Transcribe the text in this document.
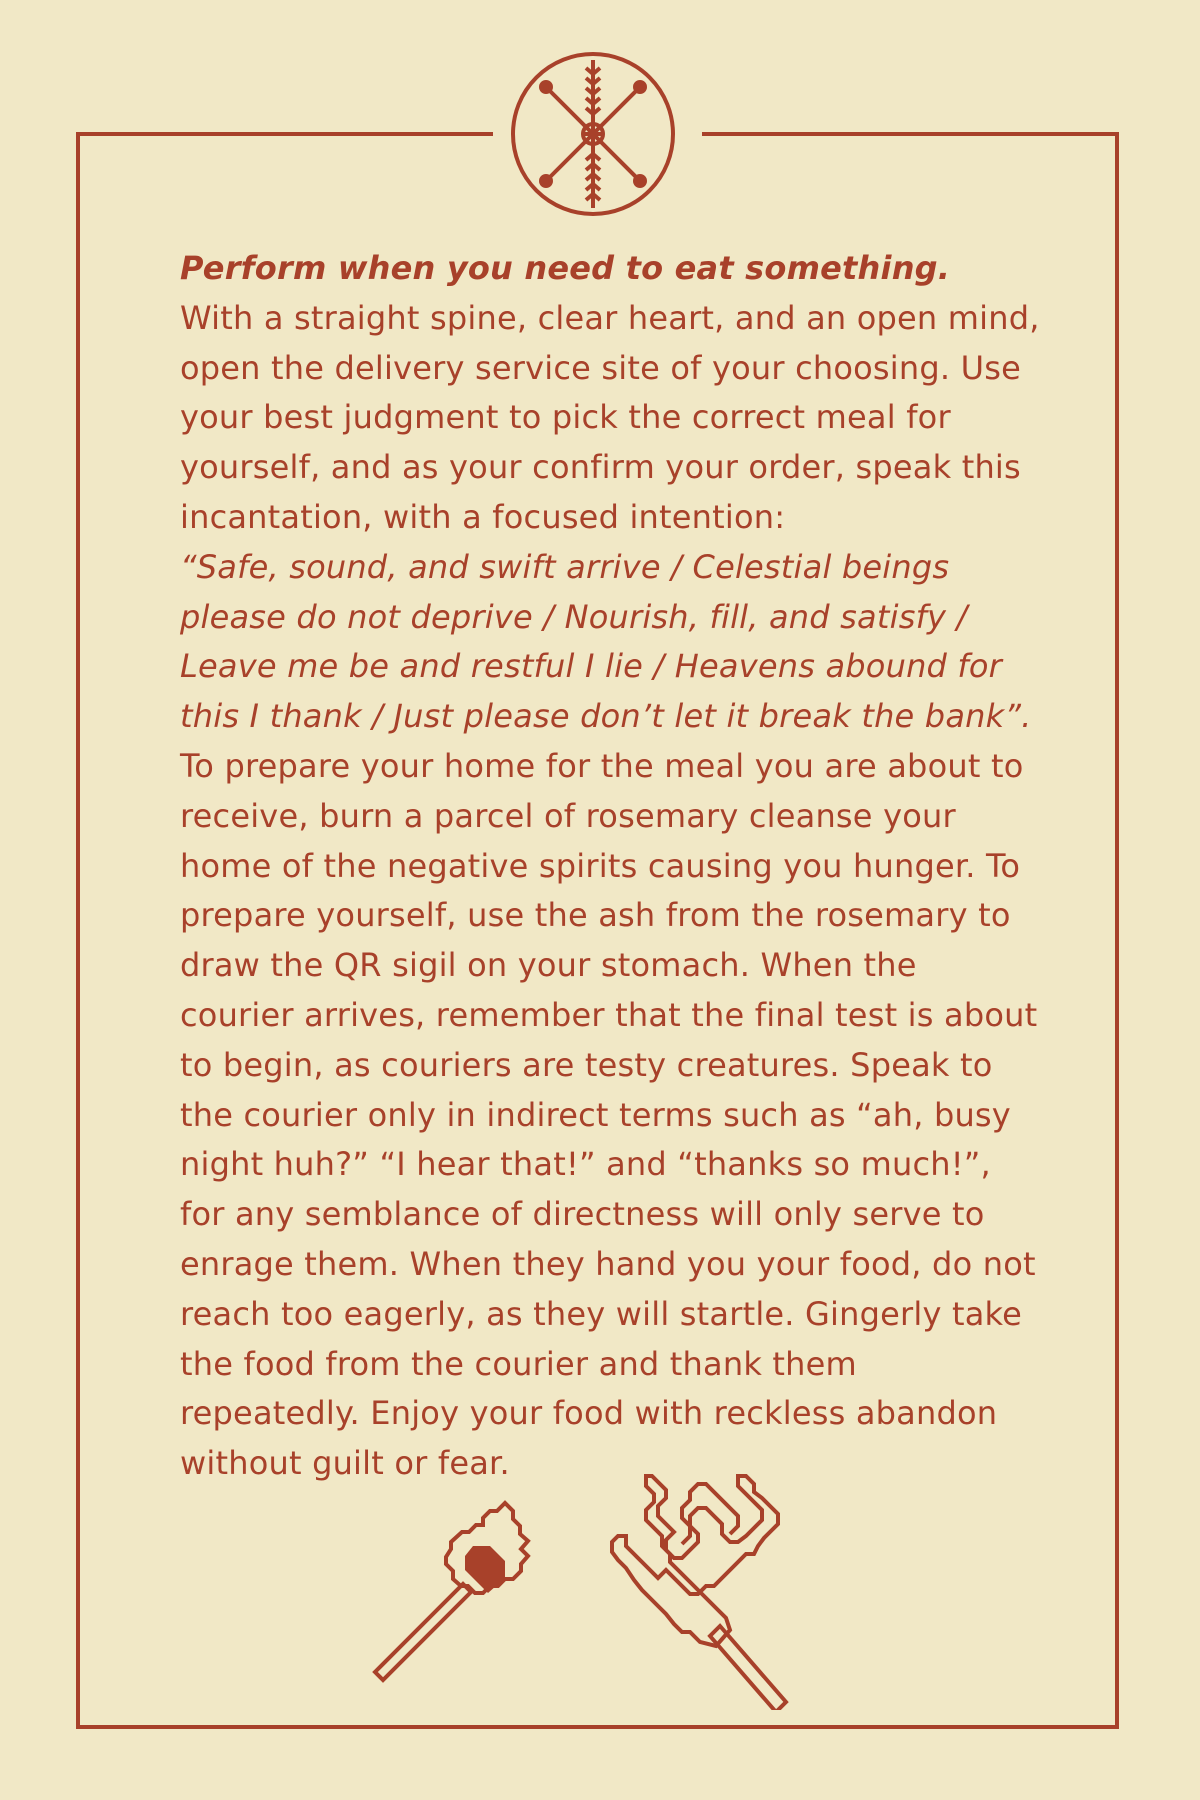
Perform when you need to eat something.

With a straight spine, clear heart, and an open mind, open the delivery service site of your choosing. Use your best judgment to pick the correct meal for yourself, and as your confirm your order, speak this incantation, with a focused intention:

“Safe, sound, and swift arrive / Celestial beings please do not deprive / Nourish, fill, and satisfy / Leave me be and restful I lie / Heavens abound for this I thank / Just please don’t let it break the bank”.

To prepare your home for the meal you are about to receive, burn a parcel of rosemary cleanse your home of the negative spirits causing you hunger. To prepare yourself, use the ash from the rosemary to draw the QR sigil on your stomach. When the courier arrives, remember that the final test is about to begin, as couriers are testy creatures. Speak to the courier only in indirect terms such as “ah, busy night huh?” “I hear that!” and “thanks so much!”, for any semblance of directness will only serve to enrage them. When they hand you your food, do not reach too eagerly, as they will startle. Gingerly take the food from the courier and thank them repeatedly. Enjoy your food with reckless abandon without guilt or fear.
